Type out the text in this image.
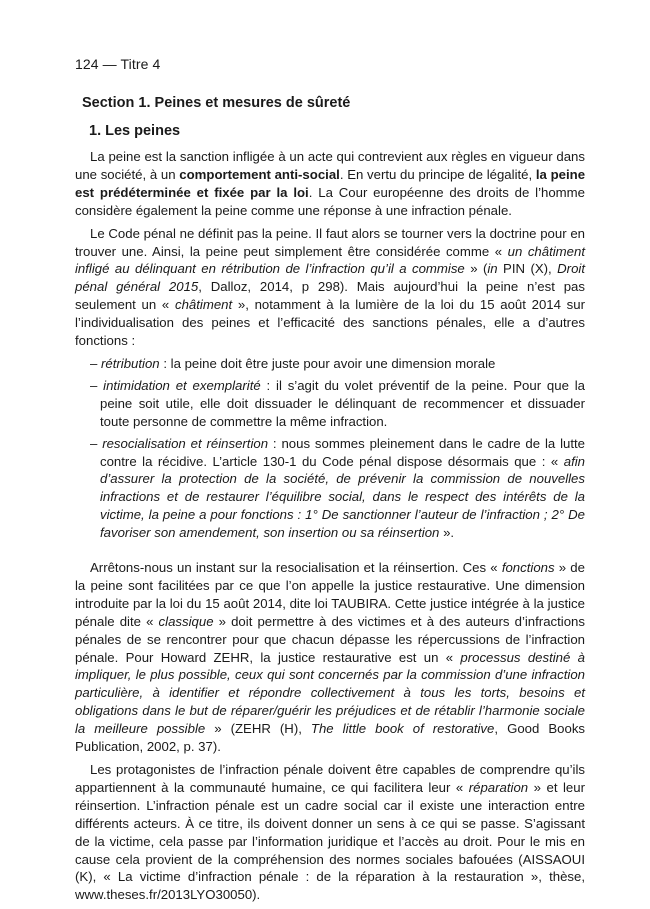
124 — Titre 4
Section 1. Peines et mesures de sûreté
1. Les peines

La peine est la sanction infligée à un acte qui contrevient aux règles en vigueur dans une société, à un comportement anti-social. En vertu du principe de légalité, la peine est prédéterminée et fixée par la loi. La Cour européenne des droits de l’homme considère également la peine comme une réponse à une infraction pénale.

Le Code pénal ne définit pas la peine. Il faut alors se tourner vers la doctrine pour en trouver une. Ainsi, la peine peut simplement être considérée comme « un châtiment infligé au délinquant en rétribution de l’infraction qu’il a commise » (in PIN (X), Droit pénal général 2015, Dalloz, 2014, p 298). Mais aujourd’hui la peine n’est pas seulement un « châtiment », notamment à la lumière de la loi du 15 août 2014 sur l’individualisation des peines et l’efficacité des sanctions pénales, elle a d’autres fonctions :

– rétribution : la peine doit être juste pour avoir une dimension morale
– intimidation et exemplarité : il s’agit du volet préventif de la peine. Pour que la peine soit utile, elle doit dissuader le délinquant de recommencer et dissuader toute personne de commettre la même infraction.
– resocialisation et réinsertion : nous sommes pleinement dans le cadre de la lutte contre la récidive. L’article 130-1 du Code pénal dispose désormais que : « afin d’assurer la protection de la société, de prévenir la commission de nouvelles infractions et de restaurer l’équilibre social, dans le respect des intérêts de la victime, la peine a pour fonctions : 1° De sanctionner l’auteur de l’infraction ; 2° De favoriser son amendement, son insertion ou sa réinsertion ».

Arrêtons-nous un instant sur la resocialisation et la réinsertion. Ces « fonctions » de la peine sont facilitées par ce que l’on appelle la justice restaurative. Une dimension introduite par la loi du 15 août 2014, dite loi TAUBIRA. Cette justice intégrée à la justice pénale dite « classique » doit permettre à des victimes et à des auteurs d’infractions pénales de se rencontrer pour que chacun dépasse les répercussions de l’infraction pénale. Pour Howard ZEHR, la justice restaurative est un « processus destiné à impliquer, le plus possible, ceux qui sont concernés par la commission d’une infraction particulière, à identifier et répondre collectivement à tous les torts, besoins et obligations dans le but de réparer/guérir les préjudices et de rétablir l’harmonie sociale la meilleure possible » (ZEHR (H), The little book of restorative, Good Books Publication, 2002, p. 37).

Les protagonistes de l’infraction pénale doivent être capables de comprendre qu’ils appartiennent à la communauté humaine, ce qui facilitera leur « réparation » et leur réinsertion. L’infraction pénale est un cadre social car il existe une interaction entre différents acteurs. À ce titre, ils doivent donner un sens à ce qui se passe. S’agissant de la victime, cela passe par l’information juridique et l’accès au droit. Pour le mis en cause cela provient de la compréhension des normes sociales bafouées (AISSAOUI (K), « La victime d’infraction pénale : de la réparation à la restauration », thèse, www.theses.fr/2013LYO30050).
